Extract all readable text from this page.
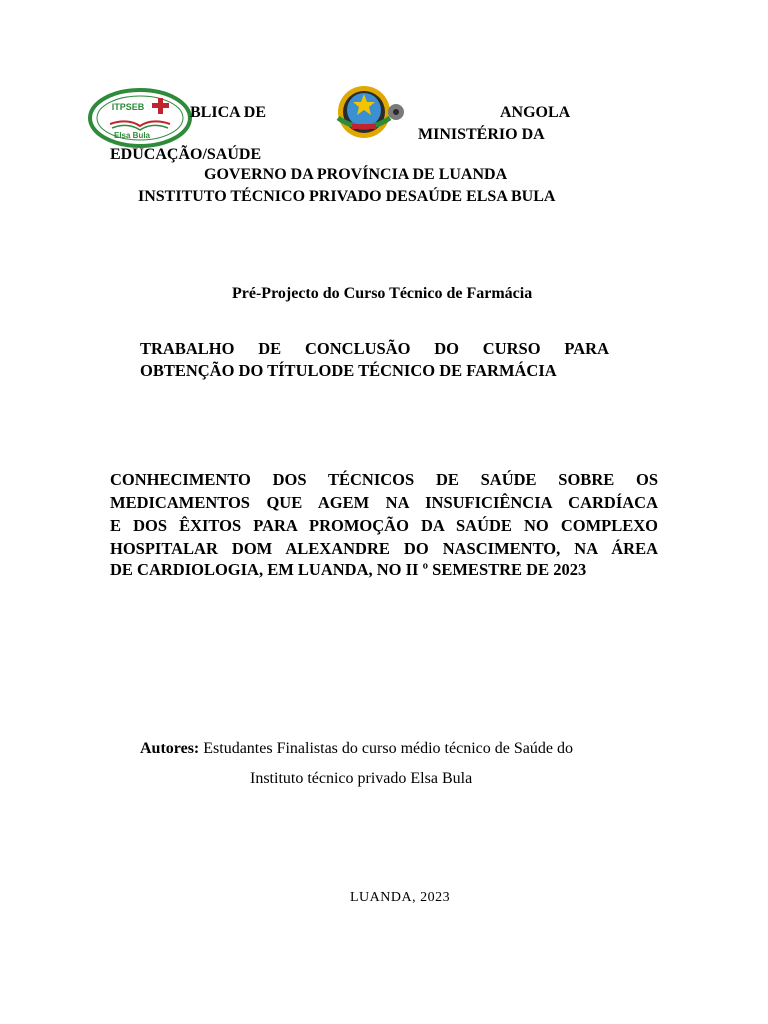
ITPSEB
Elsa Bula
BLICA DE	ANGOLA
MINISTÉRIO DA
EDUCAÇÃO/SAÚDE
GOVERNO DA PROVÍNCIA DE LUANDA
INSTITUTO TÉCNICO PRIVADO DESAÚDE ELSA BULA
Pré-Projecto do Curso Técnico de Farmácia
TRABALHO DE CONCLUSÃO DO CURSO PARA
OBTENÇÃO DO TÍTULODE TÉCNICO DE FARMÁCIA
CONHECIMENTO DOS TÉCNICOS DE SAÚDE SOBRE OS
MEDICAMENTOS QUE AGEM NA INSUFICIÊNCIA CARDÍACA
E DOS ÊXITOS PARA PROMOÇÃO DA SAÚDE NO COMPLEXO
HOSPITALAR DOM ALEXANDRE DO NASCIMENTO, NA ÁREA
DE CARDIOLOGIA, EM LUANDA, NO II º SEMESTRE DE 2023
Autores: Estudantes Finalistas do curso médio técnico de Saúde do
Instituto técnico privado Elsa Bula
LUANDA, 2023
